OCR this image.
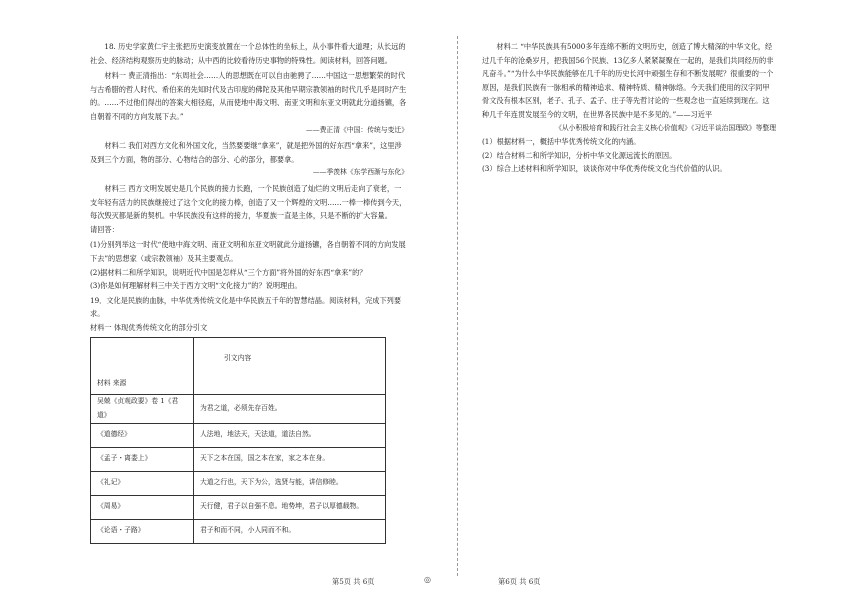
18. 历史学家黄仁宇主张把历史演变放置在一个总体性的坐标上，从小事件看大道理；从长远的社会、经济结构观察历史的脉动；从中西的比较看待历史事物的特殊性。阅读材料，回答问题。

材料一 费正清指出：“东周社会……人的思想既在可以自由驰骋了……中国这一思想繁荣的时代与古希腊的哲人时代、希伯来的先知时代及古印度的佛陀及其他早期宗教领袖的时代几乎是同时产生的。……不过他们得出的答案大相径庭，从而使地中海文明、南亚文明和东亚文明就此分道扬镳，各自朝着不同的方向发展下去。”

——费正清《中国：传统与变迁》

材料二 我们对西方文化和外国文化，当然要要继“拿来”，就是把外国的好东西“拿来”，这里涉及到三个方面，物的部分、心物结合的部分、心的部分，都要拿。

——季羡林《东学西渐与东化》

材料三 西方文明发展史是几个民族的接力长跑，一个民族创造了灿烂的文明后走向了衰老，一支年轻有活力的民族继接过了这个文化的接力棒，创造了又一个辉煌的文明……一棒一棒传到今天，每次毁灭都是新的契机。中华民族没有这样的接力，华夏族一直是主体，只是不断的扩大容量。

请回答：

(1)分别列举这一时代“使地中海文明、南亚文明和东亚文明就此分道扬镳，各自朝着不同的方向发展下去”的思想家（或宗教领袖）及其主要观点。

(2)据材料二和所学知识，说明近代中国是怎样从“三个方面”将外国的好东西“拿来”的？

(3)你是如何理解材料三中关于西方文明“文化接力”的？说明理由。

19．文化是民族的血脉，中华优秀传统文化是中华民族五千年的智慧结晶。阅读材料，完成下列要求。

材料一 体现优秀传统文化的部分引文

材料 来源	引文内容
吴兢《贞观政要》卷 1《君道》	为君之道，必须先存百姓。
《道德经》	人法地，地法天，天法道，道法自然。
《孟子・离娄上》	天下之本在国，国之本在家，家之本在身。
《礼记》	大道之行也，天下为公，选贤与能，讲信修睦。
《周易》	天行健，君子以自强不息。地势坤，君子以厚德载物。
《论语・子路》	君子和而不同，小人同而不和。

材料二 “中华民族具有5000多年连绵不断的文明历史，创造了博大精深的中华文化，经过几千年的沧桑岁月，把我国56个民族、13亿多人紧紧凝聚在一起的，是我们共同经历的非凡奋斗。”“为什么中华民族能够在几千年的历史长河中顽强生存和不断发展呢？很重要的一个原因，是我们民族有一脉相承的精神追求、精神特质、精神脉络。今天我们使用的汉字同甲骨文没有根本区别，老子、孔子、孟子、庄子等先哲讨论的一些观念也一直延续到现在。这种几千年连贯发展至今的文明，在世界各民族中是不多见的。”——习近平

《从小积极培育和践行社会主义核心价值观》《习近平谈治国理政》等整理

(1）根据材料一，概括中华优秀传统文化的内涵。

(2）结合材料二和所学知识，分析中华文化源远流长的原因。

(3）综合上述材料和所学知识，谈谈你对中华优秀传统文化当代价值的认识。

第5页 共 6页	◎	第6页 共 6页
